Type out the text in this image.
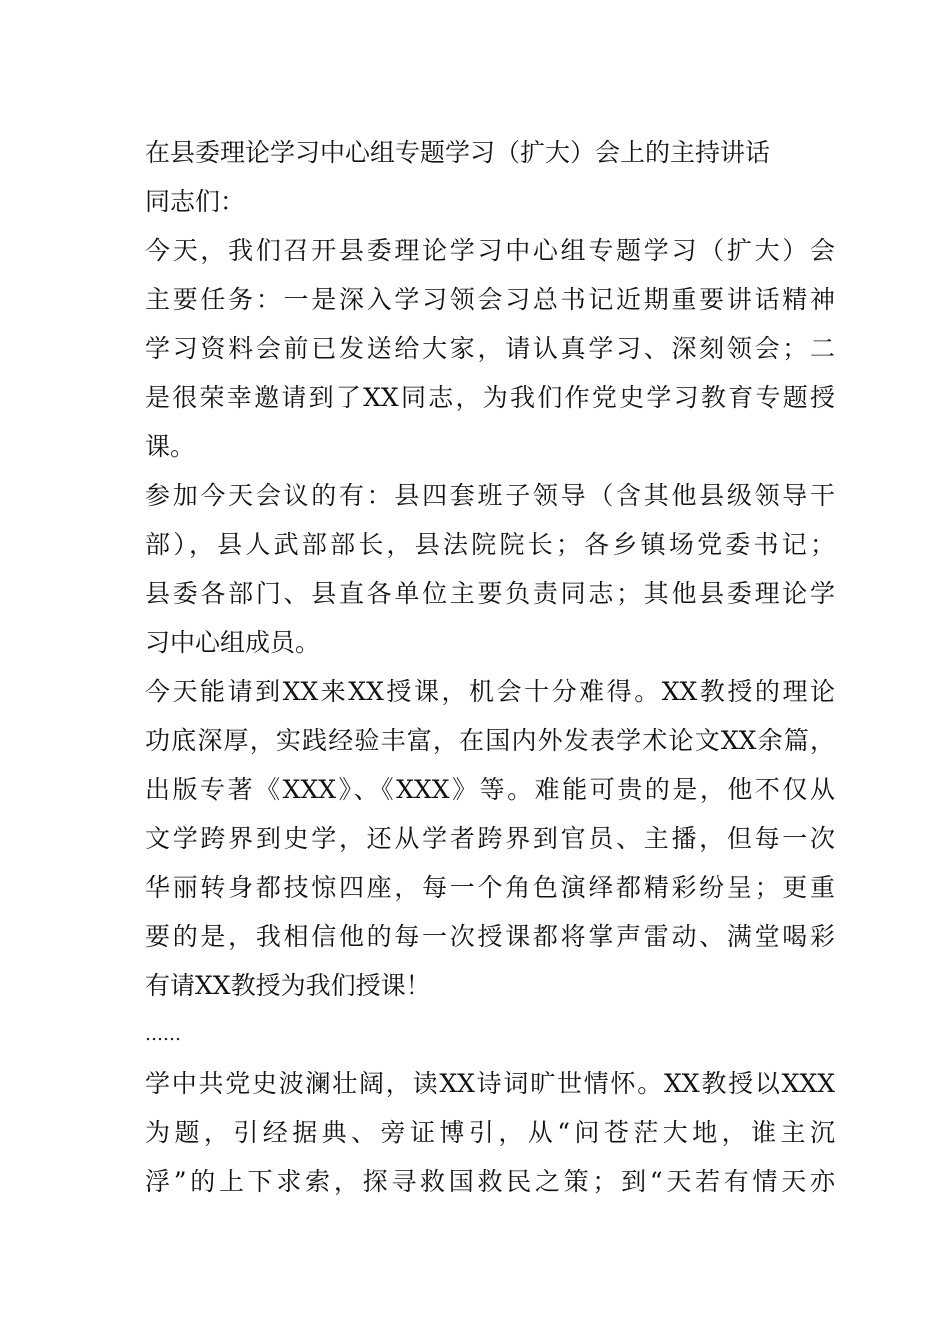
在县委理论学习中心组专题学习（扩大）会上的主持讲话
同志们：
今天，我们召开县委理论学习中心组专题学习（扩大）会
主要任务：一是深入学习领会习总书记近期重要讲话精神
学习资料会前已发送给大家，请认真学习、深刻领会；二
是很荣幸邀请到了XX同志，为我们作党史学习教育专题授
课。
参加今天会议的有：县四套班子领导（含其他县级领导干
部），县人武部部长，县法院院长；各乡镇场党委书记；
县委各部门、县直各单位主要负责同志；其他县委理论学
习中心组成员。
今天能请到XX来XX授课，机会十分难得。XX教授的理论
功底深厚，实践经验丰富，在国内外发表学术论文XX余篇，
出版专著《XXX》、《XXX》等。难能可贵的是，他不仅从
文学跨界到史学，还从学者跨界到官员、主播，但每一次
华丽转身都技惊四座，每一个角色演绎都精彩纷呈；更重
要的是，我相信他的每一次授课都将掌声雷动、满堂喝彩
有请XX教授为我们授课！
……
学中共党史波澜壮阔，读XX诗词旷世情怀。XX教授以XXX
为题，引经据典、旁证博引，从“问苍茫大地，谁主沉
浮”的上下求索，探寻救国救民之策；到“天若有情天亦
